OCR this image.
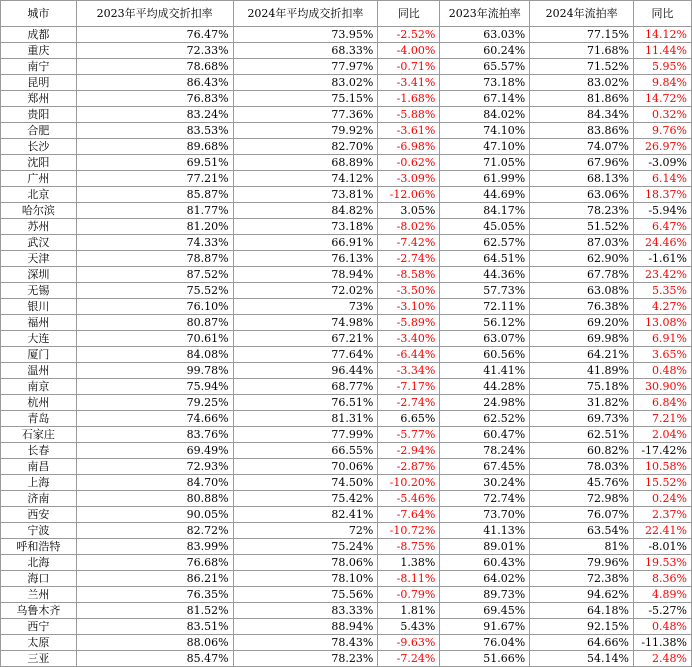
城市	2023年平均成交折扣率	2024年平均成交折扣率	同比	2023年流拍率	2024年流拍率	同比
成都	76.47%	73.95%	-2.52%	63.03%	77.15%	14.12%
重庆	72.33%	68.33%	-4.00%	60.24%	71.68%	11.44%
南宁	78.68%	77.97%	-0.71%	65.57%	71.52%	5.95%
昆明	86.43%	83.02%	-3.41%	73.18%	83.02%	9.84%
郑州	76.83%	75.15%	-1.68%	67.14%	81.86%	14.72%
贵阳	83.24%	77.36%	-5.88%	84.02%	84.34%	0.32%
合肥	83.53%	79.92%	-3.61%	74.10%	83.86%	9.76%
长沙	89.68%	82.70%	-6.98%	47.10%	74.07%	26.97%
沈阳	69.51%	68.89%	-0.62%	71.05%	67.96%	-3.09%
广州	77.21%	74.12%	-3.09%	61.99%	68.13%	6.14%
北京	85.87%	73.81%	-12.06%	44.69%	63.06%	18.37%
哈尔滨	81.77%	84.82%	3.05%	84.17%	78.23%	-5.94%
苏州	81.20%	73.18%	-8.02%	45.05%	51.52%	6.47%
武汉	74.33%	66.91%	-7.42%	62.57%	87.03%	24.46%
天津	78.87%	76.13%	-2.74%	64.51%	62.90%	-1.61%
深圳	87.52%	78.94%	-8.58%	44.36%	67.78%	23.42%
无锡	75.52%	72.02%	-3.50%	57.73%	63.08%	5.35%
银川	76.10%	73%	-3.10%	72.11%	76.38%	4.27%
福州	80.87%	74.98%	-5.89%	56.12%	69.20%	13.08%
大连	70.61%	67.21%	-3.40%	63.07%	69.98%	6.91%
厦门	84.08%	77.64%	-6.44%	60.56%	64.21%	3.65%
温州	99.78%	96.44%	-3.34%	41.41%	41.89%	0.48%
南京	75.94%	68.77%	-7.17%	44.28%	75.18%	30.90%
杭州	79.25%	76.51%	-2.74%	24.98%	31.82%	6.84%
青岛	74.66%	81.31%	6.65%	62.52%	69.73%	7.21%
石家庄	83.76%	77.99%	-5.77%	60.47%	62.51%	2.04%
长春	69.49%	66.55%	-2.94%	78.24%	60.82%	-17.42%
南昌	72.93%	70.06%	-2.87%	67.45%	78.03%	10.58%
上海	84.70%	74.50%	-10.20%	30.24%	45.76%	15.52%
济南	80.88%	75.42%	-5.46%	72.74%	72.98%	0.24%
西安	90.05%	82.41%	-7.64%	73.70%	76.07%	2.37%
宁波	82.72%	72%	-10.72%	41.13%	63.54%	22.41%
呼和浩特	83.99%	75.24%	-8.75%	89.01%	81%	-8.01%
北海	76.68%	78.06%	1.38%	60.43%	79.96%	19.53%
海口	86.21%	78.10%	-8.11%	64.02%	72.38%	8.36%
兰州	76.35%	75.56%	-0.79%	89.73%	94.62%	4.89%
乌鲁木齐	81.52%	83.33%	1.81%	69.45%	64.18%	-5.27%
西宁	83.51%	88.94%	5.43%	91.67%	92.15%	0.48%
太原	88.06%	78.43%	-9.63%	76.04%	64.66%	-11.38%
三亚	85.47%	78.23%	-7.24%	51.66%	54.14%	2.48%
